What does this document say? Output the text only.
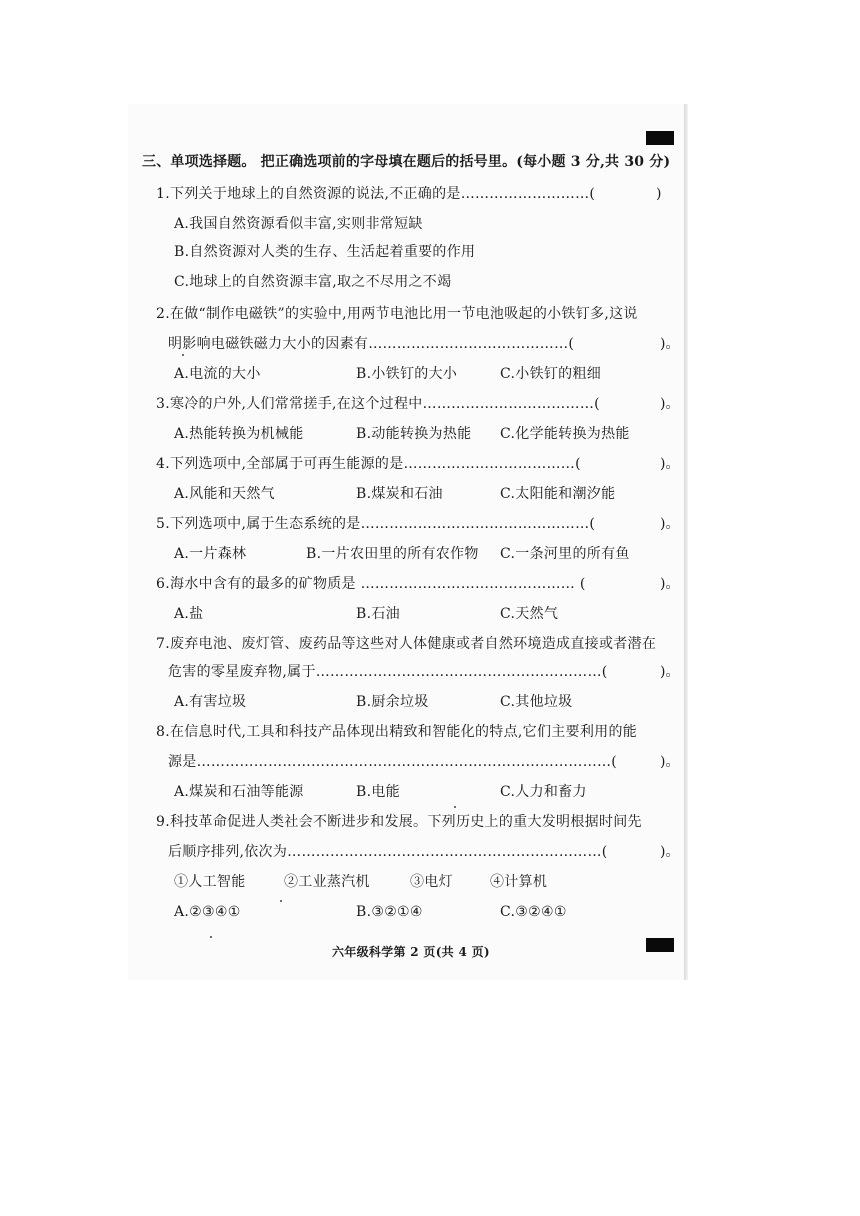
三、单项选择题。 把正确选项前的字母填在题后的括号里。(每小题 3 分,共 30 分)
1.下列关于地球上的自然资源的说法,不正确的是………………………(	)
A.我国自然资源看似丰富,实则非常短缺
B.自然资源对人类的生存、生活起着重要的作用
C.地球上的自然资源丰富,取之不尽用之不竭
2.在做“制作电磁铁”的实验中,用两节电池比用一节电池吸起的小铁钉多,这说
明影响电磁铁磁力大小的因素有……………………………………(	)。
A.电流的大小	B.小铁钉的大小	C.小铁钉的粗细
3.寒冷的户外,人们常常搓手,在这个过程中………………………………(	)。
A.热能转换为机械能	B.动能转换为热能 C.化学能转换为热能
4.下列选项中,全部属于可再生能源的是………………………………(	)。
A.风能和天然气	B.煤炭和石油	C.太阳能和潮汐能
5.下列选项中,属于生态系统的是…………………………………………(	)。
A.一片森林	B.一片农田里的所有农作物 C.一条河里的所有鱼
6.海水中含有的最多的矿物质是 ……………………………………… (	)。
A.盐	B.石油	C.天然气
7.废弃电池、废灯管、废药品等这些对人体健康或者自然环境造成直接或者潜在
危害的零星废弃物,属于……………………………………………………(	)。
A.有害垃圾	B.厨余垃圾	C.其他垃圾
8.在信息时代,工具和科技产品体现出精致和智能化的特点,它们主要利用的能
源是……………………………………………………………………………(	)。
A.煤炭和石油等能源	B.电能	C.人力和畜力
9.科技革命促进人类社会不断进步和发展。下列历史上的重大发明根据时间先
后顺序排列,依次为…………………………………………………………(	)。
①人工智能	②工业蒸汽机	③电灯	④计算机
A.②③④①	B.③②①④	C.③②④①
六年级科学第 2 页(共 4 页)
